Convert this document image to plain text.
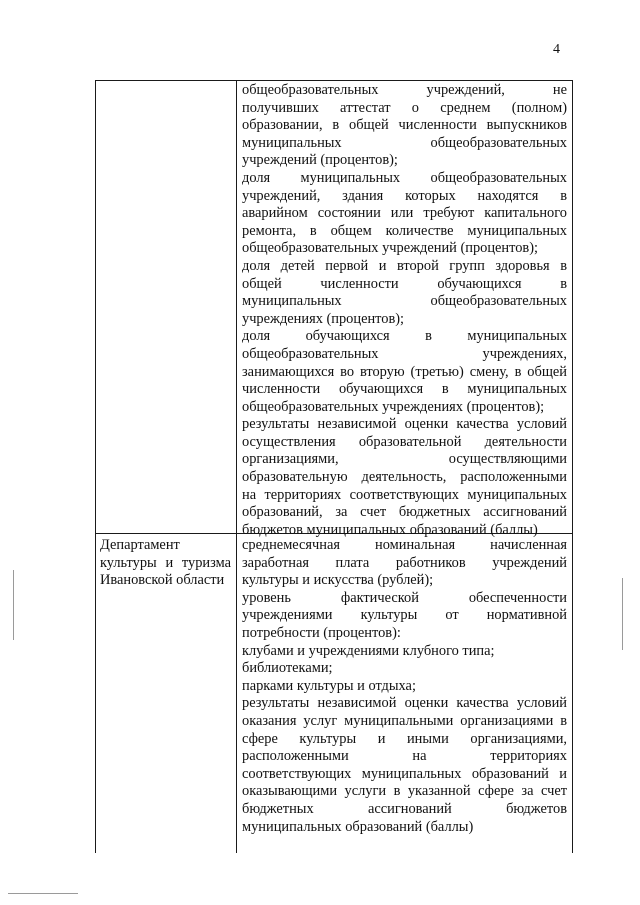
4
общеобразовательных учреждений, не
получивших аттестат о среднем (полном)
образовании, в общей численности выпускников
муниципальных общеобразовательных
учреждений (процентов);
доля муниципальных общеобразовательных
учреждений, здания которых находятся в
аварийном состоянии или требуют капитального
ремонта, в общем количестве муниципальных
общеобразовательных учреждений (процентов);
доля детей первой и второй групп здоровья в
общей численности обучающихся в
муниципальных общеобразовательных
учреждениях (процентов);
доля обучающихся в муниципальных
общеобразовательных учреждениях,
занимающихся во вторую (третью) смену, в общей
численности обучающихся в муниципальных
общеобразовательных учреждениях (процентов);
результаты независимой оценки качества условий
осуществления образовательной деятельности
организациями, осуществляющими
образовательную деятельность, расположенными
на территориях соответствующих муниципальных
образований, за счет бюджетных ассигнований
бюджетов муниципальных образований (баллы)
Департамент
культуры и туризма
Ивановской области
среднемесячная номинальная начисленная
заработная плата работников учреждений
культуры и искусства (рублей);
уровень фактической обеспеченности
учреждениями культуры от нормативной
потребности (процентов):
клубами и учреждениями клубного типа;
библиотеками;
парками культуры и отдыха;
результаты независимой оценки качества условий
оказания услуг муниципальными организациями в
сфере культуры и иными организациями,
расположенными на территориях
соответствующих муниципальных образований и
оказывающими услуги в указанной сфере за счет
бюджетных ассигнований бюджетов
муниципальных образований (баллы)
